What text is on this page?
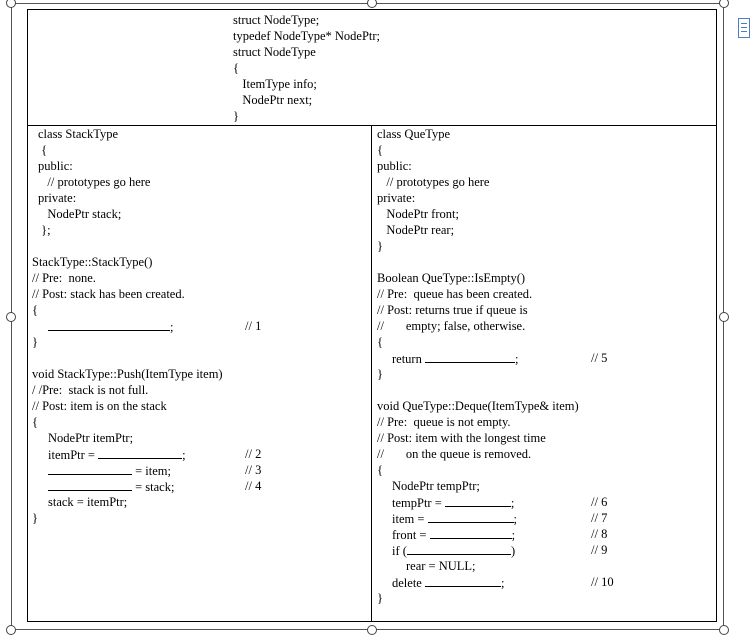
struct NodeType;
typedef NodeType* NodePtr;
struct NodeType
{
ItemType info;
NodePtr next;
}
class StackType
{
public:
// prototypes go here
private:
NodePtr stack;
};
StackType::StackType()
// Pre:  none.
// Post: stack has been created.
{
;	// 1
}
void StackType::Push(ItemType item)
/ /Pre:  stack is not full.
// Post: item is on the stack
{
NodePtr itemPtr;
itemPtr =	;	// 2
= item;	// 3
= stack;	// 4
stack = itemPtr;
}
class QueType
{
public:
// prototypes go here
private:
NodePtr front;
NodePtr rear;
}
Boolean QueType::IsEmpty()
// Pre:  queue has been created.
// Post: returns true if queue is
//       empty; false, otherwise.
{
return	;	// 5
}
void QueType::Deque(ItemType& item)
// Pre:  queue is not empty.
// Post: item with the longest time
//       on the queue is removed.
{
NodePtr tempPtr;
tempPtr =	;	// 6
item =	;	// 7
front =	;	// 8
if (	)	// 9
rear = NULL;
delete	;	// 10
}
